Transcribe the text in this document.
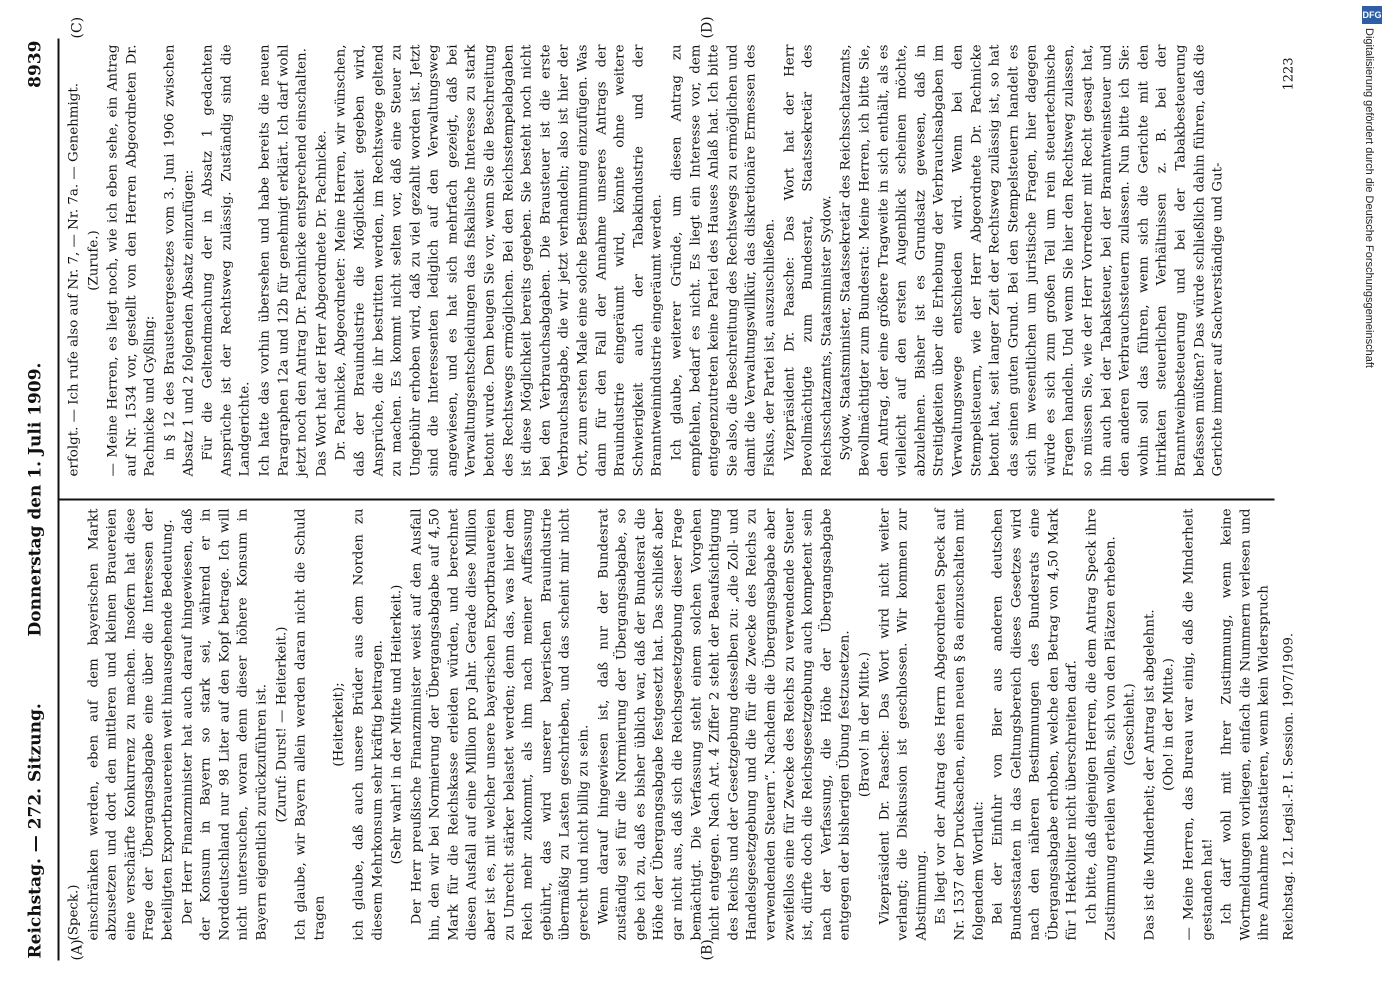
Reichstag. — 272. Sitzung.
Donnerstag den 1. Juli 1909.
8939
(A)	(B)
(C)	(D)

(Speck.) einschränken werden, eben auf dem bayerischen Markt abzusetzen und dort den mittleren und kleinen Brauereien eine verschärfte Konkurrenz zu machen. Insofern hat diese Frage der Übergangsabgabe eine über die Interessen der beteiligten Exportbrauereien weit hinausgehende Bedeutung. Der Herr Finanzminister hat auch darauf hingewiesen, daß der Konsum in Bayern so stark sei, während er in Norddeutschland nur 98 Liter auf den Kopf betrage. Ich will nicht untersuchen, woran denn dieser höhere Konsum in Bayern eigentlich zurückzuführen ist. (Zuruf: Durst! — Heiterkeit.) Ich glaube, wir Bayern allein werden daran nicht die Schuld tragen

(Heiterkeit); ich glaube, daß auch unsere Brüder aus dem Norden zu diesem Mehrkonsum sehr kräftig beitragen. (Sehr wahr! in der Mitte und Heiterkeit.) Der Herr preußische Finanzminister weist auf den Ausfall hin, den wir bei Normierung der Übergangsabgabe auf 4,50 Mark für die Reichskasse erleiden würden, und berechnet diesen Ausfall auf eine Million pro Jahr. Gerade diese Million aber ist es, mit welcher unsere bayerischen Exportbrauereien zu Unrecht stärker belastet werden; denn das, was hier dem Reich mehr zukommt, als ihm nach meiner Auffassung gebührt, das wird unserer bayerischen Brauindustrie übermäßig zu Lasten geschrieben, und das scheint mir nicht gerecht und nicht billig zu sein. Wenn darauf hingewiesen ist, daß nur der Bundesrat zuständig sei für die Normierung der Übergangsabgabe, so gebe ich zu, daß es bisher üblich war, daß der Bundesrat die Höhe der Übergangsabgabe festgesetzt hat. Das schließt aber gar nicht aus, daß sich die Reichsgesetzgebung dieser Frage bemächtigt. Die Verfassung steht einem solchen Vorgehen nicht entgegen. Nach Art. 4 Ziffer 2 steht der Beaufsichtigung des Reichs und der Gesetzgebung desselben zu: „die Zoll- und Handelsgesetzgebung und die für die Zwecke des Reichs zu verwendenden Steuern“. Nachdem die Übergangsabgabe aber zweifellos eine für Zwecke des Reichs zu verwendende Steuer ist, dürfte doch die Reichsgesetzgebung auch kompetent sein nach der Verfassung, die Höhe der Übergangsabgabe entgegen der bisherigen Übung festzusetzen. (Bravo! in der Mitte.) Vizepräsident Dr. Paasche: Das Wort wird nicht weiter verlangt; die Diskussion ist geschlossen. Wir kommen zur Abstimmung. Es liegt vor der Antrag des Herrn Abgeordneten Speck auf Nr. 1537 der Drucksachen, einen neuen § 8a einzuschalten mit folgendem Wortlaut: Bei der Einfuhr von Bier aus anderen deutschen Bundesstaaten in das Geltungsbereich dieses Gesetzes wird nach den näheren Bestimmungen des Bundesrats eine Übergangsabgabe erhoben, welche den Betrag von 4,50 Mark für 1 Hektoliter nicht überschreiten darf. Ich bitte, daß diejenigen Herren, die dem Antrag Speck ihre Zustimmung erteilen wollen, sich von den Plätzen erheben. (Geschieht.) Das ist die Minderheit; der Antrag ist abgelehnt. (Oho! in der Mitte.) — Meine Herren, das Bureau war einig, daß die Minderheit gestanden hat! Ich darf wohl mit Ihrer Zustimmung, wenn keine Wortmeldungen vorliegen, einfach die Nummern verlesen und ihre Annahme konstatieren, wenn kein Widerspruch

erfolgt. — Ich rufe also auf Nr. 7, — Nr. 7a. — Genehmigt. (Zurufe.) — Meine Herren, es liegt noch, wie ich eben sehe, ein Antrag auf Nr. 1534 vor, gestellt von den Herren Abgeordneten Dr. Pachnicke und Gyßling: in § 12 des Brausteuergesetzes vom 3. Juni 1906 zwischen Absatz 1 und 2 folgenden Absatz einzufügen: Für die Geltendmachung der in Absatz 1 gedachten Ansprüche ist der Rechtsweg zulässig. Zuständig sind die Landgerichte. Ich hatte das vorhin übersehen und habe bereits die neuen Paragraphen 12a und 12b für genehmigt erklärt. Ich darf wohl jetzt noch den Antrag Dr. Pachnicke entsprechend einschalten. Das Wort hat der Herr Abgeordnete Dr. Pachnicke. Dr. Pachnicke, Abgeordneter: Meine Herren, wir wünschen, daß der Brauindustrie die Möglichkeit gegeben wird, Ansprüche, die ihr bestritten werden, im Rechtswege geltend zu machen. Es kommt nicht selten vor, daß eine Steuer zu Ungebühr erhoben wird, daß zu viel gezahlt worden ist. Jetzt sind die Interessenten lediglich auf den Verwaltungsweg angewiesen, und es hat sich mehrfach gezeigt, daß bei Verwaltungsentscheidungen das fiskalische Interesse zu stark betont wurde. Dem beugen Sie vor, wenn Sie die Beschreitung des Rechtswegs ermöglichen. Bei den Reichsstempelabgaben ist diese Möglichkeit bereits gegeben. Sie besteht noch nicht bei den Verbrauchsabgaben. Die Brausteuer ist die erste Verbrauchsabgabe, die wir jetzt verhandeln; also ist hier der Ort, zum ersten Male eine solche Bestimmung einzufügen. Was dann für den Fall der Annahme unseres Antrags der Brauindustrie eingeräumt wird, könnte ohne weitere Schwierigkeit auch der Tabakindustrie und der Branntweinindustrie eingeräumt werden. Ich glaube, weiterer Gründe, um diesen Antrag zu empfehlen, bedarf es nicht. Es liegt ein Interesse vor, dem entgegenzutreten keine Partei des Hauses Anlaß hat. Ich bitte Sie also, die Beschreitung des Rechtswegs zu ermöglichen und damit die Verwaltungswillkür, das diskretionäre Ermessen des Fiskus, der Partei ist, auszuschließen. Vizepräsident Dr. Paasche: Das Wort hat der Herr Bevollmächtigte zum Bundesrat, Staatssekretär des Reichsschatzamts, Staatsminister Sydow. Sydow, Staatsminister, Staatssekretär des Reichsschatzamts, Bevollmächtigter zum Bundesrat: Meine Herren, ich bitte Sie, den Antrag, der eine größere Tragweite in sich enthält, als es vielleicht auf den ersten Augenblick scheinen möchte, abzulehnen. Bisher ist es Grundsatz gewesen, daß in Streitigkeiten über die Erhebung der Verbrauchsabgaben im Verwaltungswege entschieden wird. Wenn bei den Stempelsteuern, wie der Herr Abgeordnete Dr. Pachnicke betont hat, seit langer Zeit der Rechtsweg zulässig ist, so hat das seinen guten Grund. Bei den Stempelsteuern handelt es sich im wesentlichen um juristische Fragen, hier dagegen würde es sich zum großen Teil um rein steuertechnische Fragen handeln. Und wenn Sie hier den Rechtsweg zulassen, so müssen Sie, wie der Herr Vorredner mit Recht gesagt hat, ihn auch bei der Tabaksteuer, bei der Branntweinsteuer und den anderen Verbrauchssteuern zulassen. Nun bitte ich Sie: wohin soll das führen, wenn sich die Gerichte mit den intrikaten steuerlichen Verhältnissen z. B. bei der Branntweinbesteuerung und bei der Tabakbesteuerung befassen müßten? Das würde schließlich dahin führen, daß die Gerichte immer auf Sachverständige und Gut-

Reichstag. 12. Legisl.-P. I. Session. 1907/1909.
1223
DFG
Digitalisierung gefördert durch die Deutsche Forschungsgemeinschaft
